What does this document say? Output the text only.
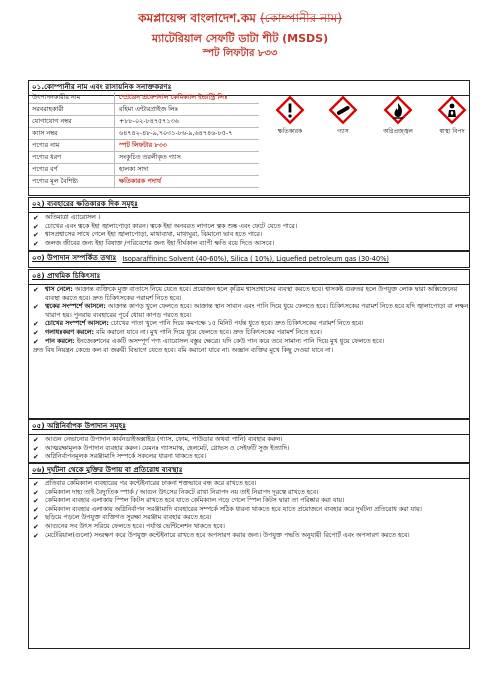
কমপ্লায়েন্স বাংলাদেশ.কম (কোম্পানীর নাম)
ম্যাটেরিয়াল সেফটি ডাটা শীট (MSDS)
স্পট লিফটার ৮৩৩
০১.কোম্পানীর নাম এবং রাসায়নিক সনাক্তকরণঃ
উৎপাদনকারীর নাম	স্প্রেডেন প্রফেশনাল কেমিক্যাল ইন্ডাস্ট্রি লিঃ
সরবরাহকারী	রহিমা এন্টারপ্রাইজ লিঃ
যোগাযোগ নম্বর	+৮৮-০২-৮৪৭৫৭১৩৬
ক্যাস নম্বর	৬৪৭৪২-৪৮-৯,৭০৩১-৮৬-৯,৬৪৭৪৬-৮৫-৭
পণ্যের নাম	স্পট লিফটার ৮৩৩
পণ্যের ধরণ	সংকুচিত তরলীকৃত গ্যাস
পণ্যের বর্ণ	হালকা সাদা
পণ্যের মূল বৈশিষ্ট্য	ক্ষতিকারক পদার্থ
ক্ষতিকারক	গ্যাস	অগ্নিপ্রজ্জ্বল	স্বাস্থ্য বিপদ
০২) ব্যবহারের ক্ষতিকারক দিক সমূহঃ
✔ অতিমাত্রা এ্যারোসল ।
✔ চোখের এবং ত্বকে ইহা জ্বালাপোড়া কারন। ত্বকে ইহা অনবরত লাগলে ত্বক শুষ্ক এবং ফেটে যেতে পারে।
✔ শ্বাসপ্রশ্বাসের সাথে গেলে ইহা জ্বালাপোড়া, মাথাব্যথা, মাথাঘুরা, ঝিমানো ভাব হতে পারে।
✔ জলজ জীবের জন্য ইহা বিষাক্ত /পরিবেশের জন্য ইহা দীর্ঘকাল ব্যাপী ক্ষতি বয়ে দিতে আসবে।
০৩) উপাদান সম্পর্কিত তথ্যঃ Isoparaffininc Solvent (40-60%), Silica ( 10%), Liquefied petroleum gas (30-40%)
০৪) প্রাথমিক চিকিৎসাঃ
✔ শ্বাস নেলে: আক্রান্ত ব্যক্তিকে মুক্ত বাতাসে নিয়ে যেতে হবে। প্রয়োজন হলে কৃত্রিম শ্বাসপ্রশ্বাসের ব্যবস্থা করতে হবে। শ্বাসকষ্ট গুরুতর হলে উপযুক্ত লোক দ্বারা অক্সিজেনের ব্যবস্থা করতে হবে। দ্রুত চিকিৎসকের পরামর্শ নিতে হবে।
✔ ত্বকের সংস্পর্শে আসলে: আক্রান্ত কাপড় খুলে ফেলতে হবে। আক্রান্ত স্থান সাবান এবং পানি দিয়ে ধুয়ে ফেলতে হবে। চিকিৎসকের পরামর্শ নিতে হবে যদি জ্বালাপোড়া বা লক্ষন খারাপ হয়। পুনরায় ব্যবহারের পূর্বে ধোয়া কাপড় পরতে হবে।
✔ চোখের সংস্পর্শে আসলে: চোখের পাতা খুলে পানি দিয়ে কমপক্ষে ১৫ মিনিট পর্যন্ত ধুতে হবে। দ্রুত চিকিৎসকের পরামর্শ নিতে হবে।
✔ গলাধঃকরণ করলে: বমি করানো যাবে না। মুখ পানি দিয়ে ধুয়ে ফেলতে হবে। দ্রুত চিকিৎসকের পরামর্শ নিতে হবে।
✔ পান করলে: ইনজেকশনের একটি অসম্পূর্ণ পণ্য এ্যারোসল বস্তুর ক্ষেত্রে। যদি কেউ পান করে তবে সামান্য পানি দিয়ে মুখ ধুয়ে ফেলতে হবে।
দ্রুত বিষ নিয়ন্ত্রন কেন্দ্রে কল বা জরুরী বিভাগে যেতে হবে। বমি করানো যাবে না। অজ্ঞান ব্যক্তির মুখে কিছু দেওয়া যাবে না।
০৫) অগ্নিনির্বাপক উপাদান সমূহঃ
✔ আগুন নেভানোর উপাদান কার্বনডাইঅক্সাইড (গ্যাস, ফোম, পাউডার অথবা পানি) ব্যবহার করুন।
✔ আত্মরক্ষামূলক উপাদান ব্যবহার করুন। যেমনঃ গ্যাসমাস্ক, হেলমেট, গ্লোভস ও সেইফটি সুজ ইত্যাদি।
✔ অগ্নিনির্বাপনমূলক সরঞ্জামাদি সম্পর্কে সকলের ধারনা থাকতে হবে।
০৬) দুর্ঘটনা থেকে মুক্তির উপায় বা প্রতিরোধ ব্যবস্থাঃ
✔ প্রতিবার কেমিক্যাল ব্যবহারের পর কন্টেইনারের ঢাকনা শক্তভাবে বন্ধ করে রাখতে হবে।
✔ কেমিক্যাল দাহ্য তাই বৈদ্যুতিক স্পার্ক / আগুন উৎসের নিকটে রাখা নিরাপদ নয় তাই নিরাপদ দূরত্বে রাখতে হবে।
✔ কেমিক্যাল ব্যবহার এলাকায় স্পিল কিটস রাখতে হবে যাতে কেমিক্যাল পড়ে গেলে স্পিল কিটস দ্বারা তা পরিষ্কার করা যায়।
✔ কেমিক্যাল ব্যবহার এলাকায় অগ্নিনির্বাপন সরঞ্জামাদি ব্যবহারের সম্পর্কে সঠিক ধারনা থাকতে হবে যাতে প্রয়োজনে ব্যবহার করে দুর্ঘটনা প্রতিরোধ করা যায়।
✔ ছড়িয়ে পড়লে উপযুক্ত ব্যক্তিগত সুরক্ষা সরঞ্জাম ব্যবহার করতে হবে।
✔ আগুনের সব উৎস সরিয়ে ফেলতে হবে। পর্যাপ্ত ভেন্টিলেশন থাকতে হবে।
✔ মেটেরিয়াল(গুলো) সংরক্ষণ করে উপযুক্ত কন্টেইনারে রাখতে হবে অপসারণ করার জন্য। উপযুক্ত পদ্ধতি অনুযায়ী রিপোর্ট এবং অপসারণ করতে হবে।
